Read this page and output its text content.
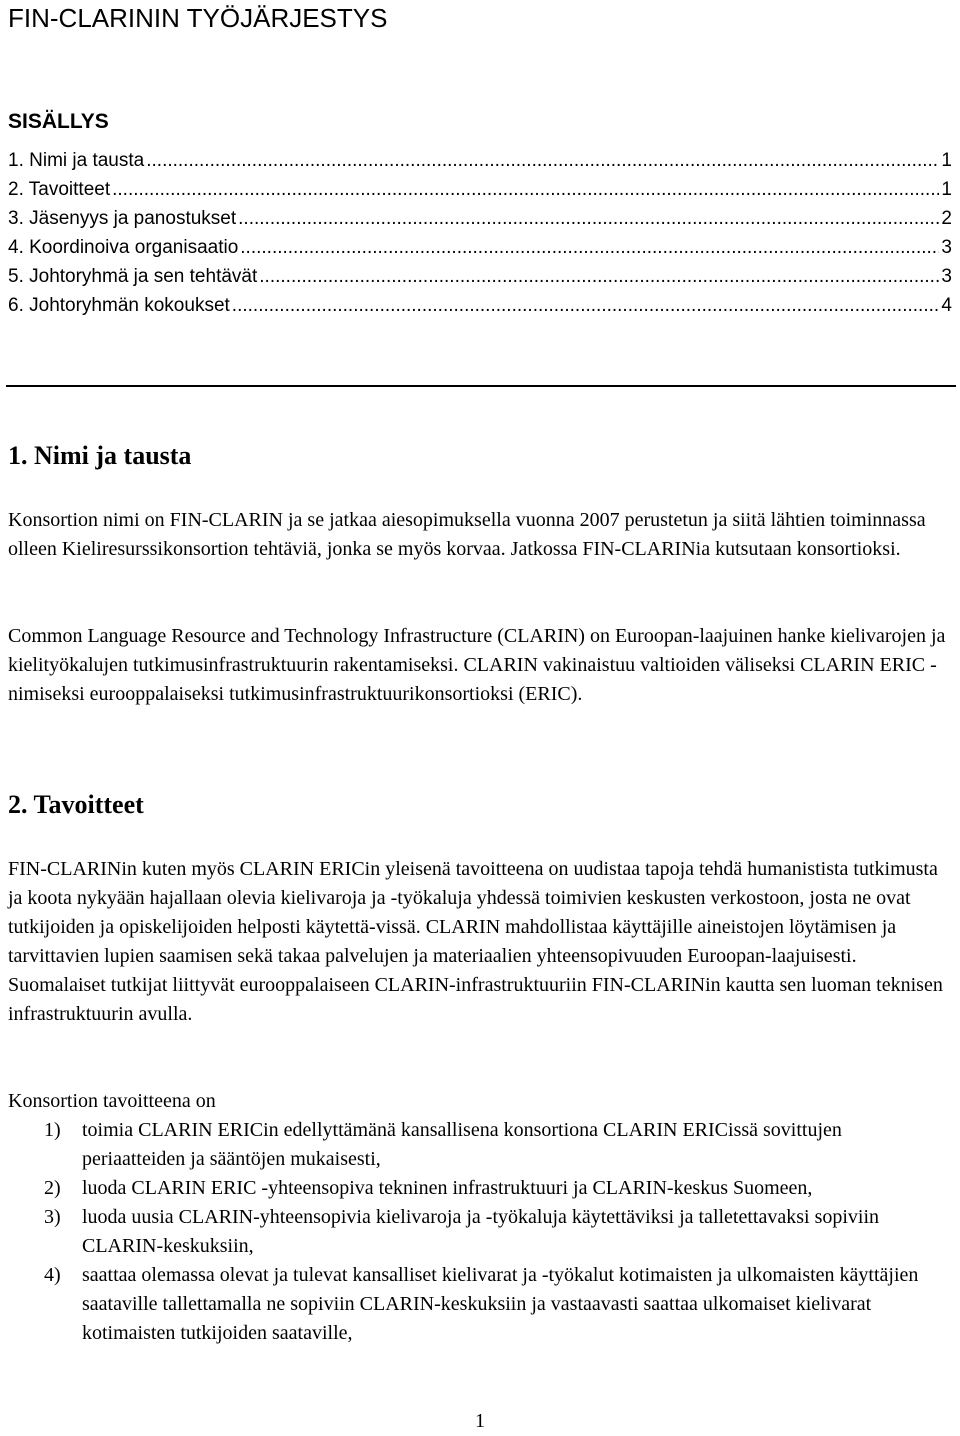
FIN-CLARININ TYÖJÄRJESTYS
SISÄLLYS
1. Nimi ja tausta .....	1
2. Tavoitteet .....	1
3. Jäsenyys ja panostukset .....	2
4. Koordinoiva organisaatio .....	3
5. Johtoryhmä ja sen tehtävät .....	3
6. Johtoryhmän kokoukset .....	4
1. Nimi ja tausta

Konsortion nimi on FIN-CLARIN ja se jatkaa aiesopimuksella vuonna 2007 perustetun ja siitä lähtien toiminnassa olleen Kieliresurssikonsortion tehtäviä, jonka se myös korvaa. Jatkossa FIN-CLARINia kutsutaan konsortioksi.

Common Language Resource and Technology Infrastructure (CLARIN) on Euroopan-laajuinen hanke kielivarojen ja kielityökalujen tutkimusinfrastruktuurin rakentamiseksi. CLARIN vakinaistuu valtioiden väliseksi CLARIN ERIC -nimiseksi eurooppalaiseksi tutkimusinfrastruktuurikonsortioksi (ERIC).

2. Tavoitteet

FIN-CLARINin kuten myös CLARIN ERICin yleisenä tavoitteena on uudistaa tapoja tehdä humanistista tutkimusta ja koota nykyään hajallaan olevia kielivaroja ja -työkaluja yhdessä toimivien keskusten verkostoon, josta ne ovat tutkijoiden ja opiskelijoiden helposti käytettä-vissä. CLARIN mahdollistaa käyttäjille aineistojen löytämisen ja tarvittavien lupien saamisen sekä takaa palvelujen ja materiaalien yhteensopivuuden Euroopan-laajuisesti. Suomalaiset tutkijat liittyvät eurooppalaiseen CLARIN-infrastruktuuriin FIN-CLARINin kautta sen luoman teknisen infrastruktuurin avulla.

Konsortion tavoitteena on

1)	toimia CLARIN ERICin edellyttämänä kansallisena konsortiona CLARIN ERICissä sovittujen periaatteiden ja sääntöjen mukaisesti,
2)	luoda CLARIN ERIC -yhteensopiva tekninen infrastruktuuri ja CLARIN-keskus Suomeen,
3)	luoda uusia CLARIN-yhteensopivia kielivaroja ja -työkaluja käytettäviksi ja talletettavaksi sopiviin CLARIN-keskuksiin,
4)	saattaa olemassa olevat ja tulevat kansalliset kielivarat ja -työkalut kotimaisten ja ulkomaisten käyttäjien saataville tallettamalla ne sopiviin CLARIN-keskuksiin ja vastaavasti saattaa ulkomaiset kielivarat kotimaisten tutkijoiden saataville,
1
